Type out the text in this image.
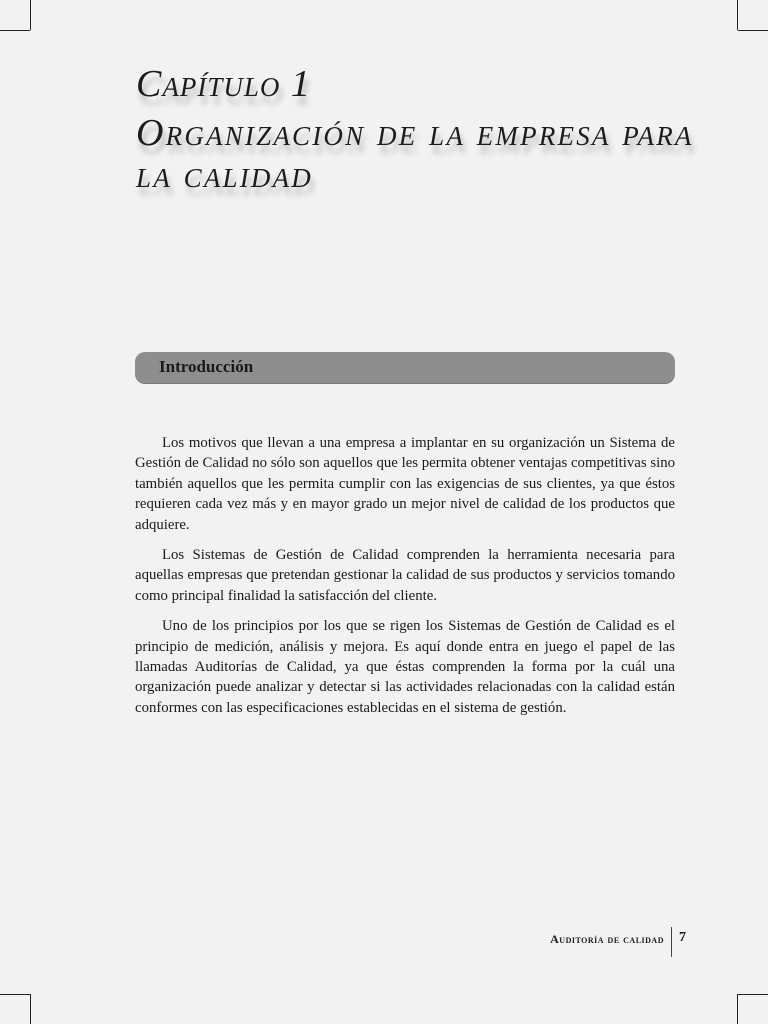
Capítulo 1
Organización de la empresa para la calidad
Introducción

Los motivos que llevan a una empresa a implantar en su organización un Sistema de Gestión de Calidad no sólo son aquellos que les permita obtener ventajas competitivas sino también aquellos que les permita cumplir con las exigencias de sus clientes, ya que éstos requieren cada vez más y en mayor grado un mejor nivel de calidad de los productos que adquiere.

Los Sistemas de Gestión de Calidad comprenden la herramienta necesaria para aquellas empresas que pretendan gestionar la calidad de sus productos y servicios tomando como principal finalidad la satisfacción del cliente.

Uno de los principios por los que se rigen los Sistemas de Gestión de Calidad es el principio de medición, análisis y mejora. Es aquí donde entra en juego el papel de las llamadas Auditorías de Calidad, ya que éstas comprenden la forma por la cuál una organización puede analizar y detectar si las actividades relacionadas con la calidad están conformes con las especificaciones establecidas en el sistema de gestión.

Auditoría de calidad 7
